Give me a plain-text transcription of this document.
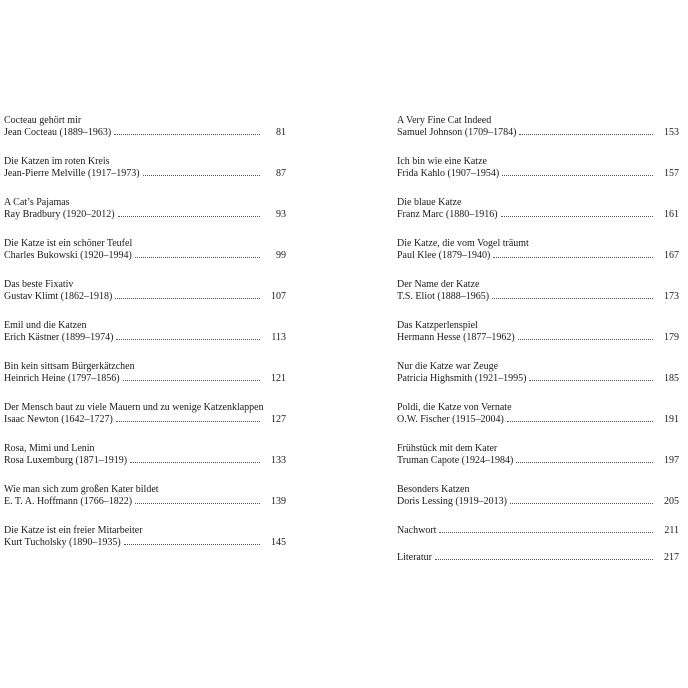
Cocteau gehört mir
Jean Cocteau (1889–1963)	81
Die Katzen im roten Kreis
Jean-Pierre Melville (1917–1973)	87
A Cat’s Pajamas
Ray Bradbury (1920–2012)	93
Die Katze ist ein schöner Teufel
Charles Bukowski (1920–1994)	99
Das beste Fixativ
Gustav Klimt (1862–1918)	107
Emil und die Katzen
Erich Kästner (1899–1974)	113
Bin kein sittsam Bürgerkätzchen
Heinrich Heine (1797–1856)	121
Der Mensch baut zu viele Mauern und zu wenige Katzenklappen
Isaac Newton (1642–1727)	127
Rosa, Mimi und Lenin
Rosa Luxemburg (1871–1919)	133
Wie man sich zum großen Kater bildet
E. T. A. Hoffmann (1766–1822)	139
Die Katze ist ein freier Mitarbeiter
Kurt Tucholsky (1890–1935)	145
A Very Fine Cat Indeed
Samuel Johnson (1709–1784)	153
Ich bin wie eine Katze
Frida Kahlo (1907–1954)	157
Die blaue Katze
Franz Marc (1880–1916)	161
Die Katze, die vom Vogel träumt
Paul Klee (1879–1940)	167
Der Name der Katze
T.S. Eliot (1888–1965)	173
Das Katzperlenspiel
Hermann Hesse (1877–1962)	179
Nur die Katze war Zeuge
Patricia Highsmith (1921–1995)	185
Poldi, die Katze von Vernate
O.W. Fischer (1915–2004)	191
Frühstück mit dem Kater
Truman Capote (1924–1984)	197
Besonders Katzen
Doris Lessing (1919–2013)	205
Nachwort	211
Literatur	217
